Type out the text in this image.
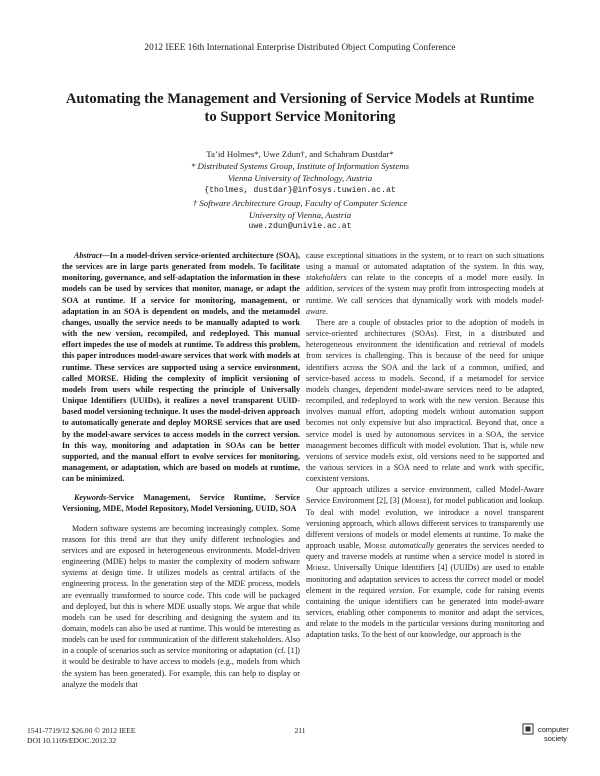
2012 IEEE 16th International Enterprise Distributed Object Computing Conference
Automating the Management and Versioning of Service Models at Runtime to Support Service Monitoring
Ta’id Holmes*, Uwe Zdun†, and Schahram Dustdar*
* Distributed Systems Group, Institute of Information Systems
Vienna University of Technology, Austria
{tholmes, dustdar}@infosys.tuwien.ac.at
† Software Architecture Group, Faculty of Computer Science
University of Vienna, Austria
uwe.zdun@univie.ac.at

Abstract—In a model-driven service-oriented architecture (SOA), the services are in large parts generated from models. To facilitate monitoring, governance, and self-adaptation the information in these models can be used by services that monitor, manage, or adapt the SOA at runtime. If a service for monitoring, management, or adaptation in an SOA is dependent on models, and the metamodel changes, usually the service needs to be manually adapted to work with the new version, recompiled, and redeployed. This manual effort impedes the use of models at runtime. To address this problem, this paper introduces model-aware services that work with models at runtime. These services are supported using a service environment, called MORSE. Hiding the complexity of implicit versioning of models from users while respecting the principle of Universally Unique Identifiers (UUIDs), it realizes a novel transparent UUID-based model versioning technique. It uses the model-driven approach to automatically generate and deploy MORSE services that are used by the model-aware services to access models in the correct version. In this way, monitoring and adaptation in SOAs can be better supported, and the manual effort to evolve services for monitoring, management, or adaptation, which are based on models at runtime, can be minimized.

Keywords-Service Management, Service Runtime, Service Versioning, MDE, Model Repository, Model Versioning, UUID, SOA

Modern software systems are becoming increasingly complex. Some reasons for this trend are that they unify different technologies and services and are exposed in heterogeneous environments. Model-driven engineering (MDE) helps to master the complexity of modern software systems at design time. It utilizes models as central artifacts of the engineering process. In the generation step of the MDE process, models are eventually transformed to source code. This code will be packaged and deployed, but this is where MDE usually stops. We argue that while models can be used for describing and designing the system and its domain, models can also be used at runtime. This would be interesting as models can be used for communication of the different stakeholders. Also in a couple of scenarios such as service monitoring or adaptation (cf. [1]) it would be desirable to have access to models (e.g., models from which the system has been generated). For example, this can help to display or analyze the models that

cause exceptional situations in the system, or to react on such situations using a manual or automated adaptation of the system. In this way, stakeholders can relate to the concepts of a model more easily. In addition, services of the system may profit from introspecting models at runtime. We call services that dynamically work with models model-aware.

There are a couple of obstacles prior to the adoption of models in service-oriented architectures (SOAs). First, in a distributed and heterogeneous environment the identification and retrieval of models from services is challenging. This is because of the need for unique identifiers across the SOA and the lack of a common, unified, and service-based access to models. Second, if a metamodel for service models changes, dependent model-aware services need to be adapted, recompiled, and redeployed to work with the new version. Because this involves manual effort, adopting models without automation support becomes not only expensive but also impractical. Beyond that, once a service model is used by autonomous services in a SOA, the service management becomes difficult with model evolution. That is, while new versions of service models exist, old versions need to be supported and the various services in a SOA need to relate and work with specific, coexistent versions.

Our approach utilizes a service environment, called Model-Aware Service Environment [2], [3] (Morse), for model publication and lookup. To deal with model evolution, we introduce a novel transparent versioning approach, which allows different services to transparently use different versions of models or model elements at runtime. To make the approach usable, Morse automatically generates the services needed to query and traverse models at runtime when a service model is stored in Morse. Universally Unique Identifiers [4] (UUIDs) are used to enable monitoring and adaptation services to access the correct model or model element in the required version. For example, code for raising events containing the unique identifiers can be generated into model-aware services, enabling other components to monitor and adapt the services, and relate to the models in the particular versions during monitoring and adaptation tasks. To the best of our knowledge, our approach is the

1541-7719/12 $26.00 © 2012 IEEE
DOI 10.1109/EDOC.2012.32
211	computer
society
